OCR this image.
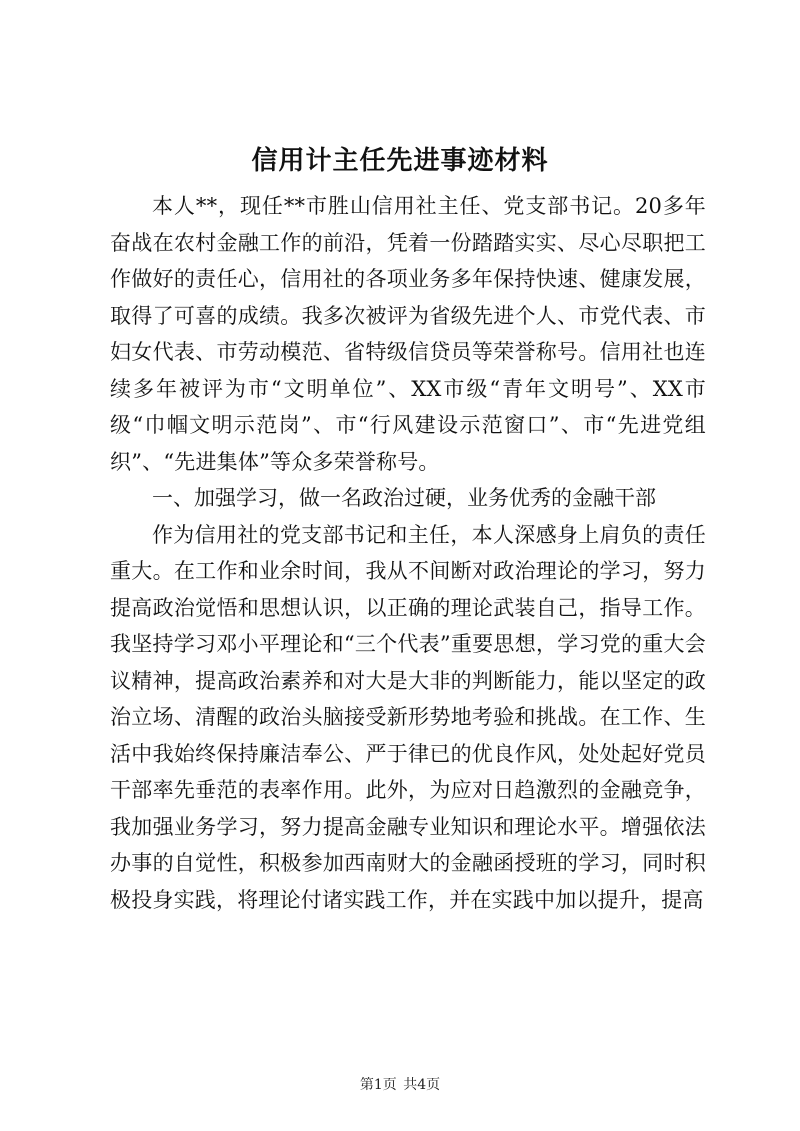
信用计主任先进事迹材料

本人**，现任**市胜山信用社主任、党支部书记。20多年奋战在农村金融工作的前沿，凭着一份踏踏实实、尽心尽职把工作做好的责任心，信用社的各项业务多年保持快速、健康发展，取得了可喜的成绩。我多次被评为省级先进个人、市党代表、市妇女代表、市劳动模范、省特级信贷员等荣誉称号。信用社也连续多年被评为市“文明单位”、XX市级“青年文明号”、XX市级“巾帼文明示范岗”、市“行风建设示范窗口”、市“先进党组织”、“先进集体”等众多荣誉称号。

一、加强学习，做一名政治过硬，业务优秀的金融干部

作为信用社的党支部书记和主任，本人深感身上肩负的责任重大。在工作和业余时间，我从不间断对政治理论的学习，努力提高政治觉悟和思想认识，以正确的理论武装自己，指导工作。我坚持学习邓小平理论和“三个代表”重要思想，学习党的重大会议精神，提高政治素养和对大是大非的判断能力，能以坚定的政治立场、清醒的政治头脑接受新形势地考验和挑战。在工作、生活中我始终保持廉洁奉公、严于律已的优良作风，处处起好党员干部率先垂范的表率作用。此外，为应对日趋激烈的金融竞争，我加强业务学习，努力提高金融专业知识和理论水平。增强依法办事的自觉性，积极参加西南财大的金融函授班的学习，同时积极投身实践，将理论付诸实践工作，并在实践中加以提升，提高

第1页 共4页
